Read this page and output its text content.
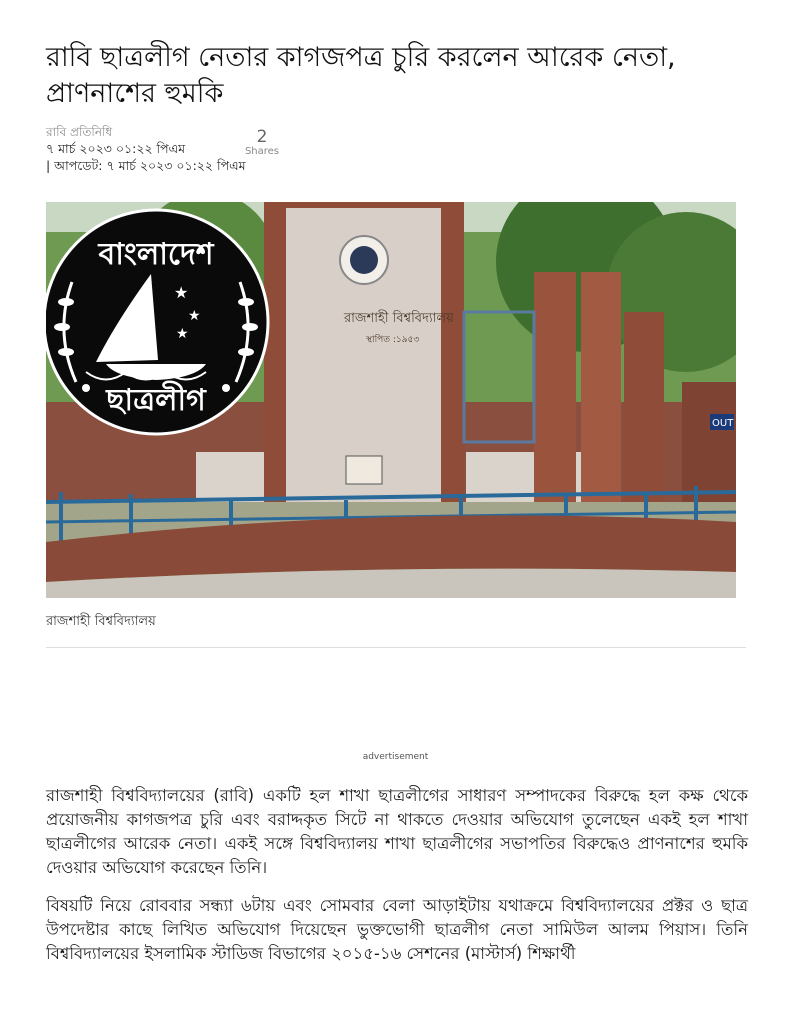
রাবি ছাত্রলীগ নেতার কাগজপত্র চুরি করলেন আরেক নেতা, প্রাণনাশের হুমকি
রাবি প্রতিনিধি
৭ মার্চ ২০২৩ ০১:২২ পিএম
| আপডেট: ৭ মার্চ ২০২৩ ০১:২২ পিএম
2
Shares
রাজশাহী বিশ্ববিদ্যালয়
স্থাপিত :১৯৫৩
OUT
বাংলাদেশ
ছাত্রলীগ
★
★
★
রাজশাহী বিশ্ববিদ্যালয়
advertisement

রাজশাহী বিশ্ববিদ্যালয়ের (রাবি) একটি হল শাখা ছাত্রলীগের সাধারণ সম্পাদকের বিরুদ্ধে হল কক্ষ থেকে প্রয়োজনীয় কাগজপত্র চুরি এবং বরাদ্দকৃত সিটে না থাকতে দেওয়ার অভিযোগ তুলেছেন একই হল শাখা ছাত্রলীগের আরেক নেতা। একই সঙ্গে বিশ্ববিদ্যালয় শাখা ছাত্রলীগের সভাপতির বিরুদ্ধেও প্রাণনাশের হুমকি দেওয়ার অভিযোগ করেছেন তিনি।

বিষয়টি নিয়ে রোববার সন্ধ্যা ৬টায় এবং সোমবার বেলা আড়াইটায় যথাক্রমে বিশ্ববিদ্যালয়ের প্রক্টর ও ছাত্র উপদেষ্টার কাছে লিখিত অভিযোগ দিয়েছেন ভুক্তভোগী ছাত্রলীগ নেতা সামিউল আলম পিয়াস। তিনি বিশ্ববিদ্যালয়ের ইসলামিক স্টাডিজ বিভাগের ২০১৫-১৬ সেশনের (মাস্টার্স) শিক্ষার্থী
